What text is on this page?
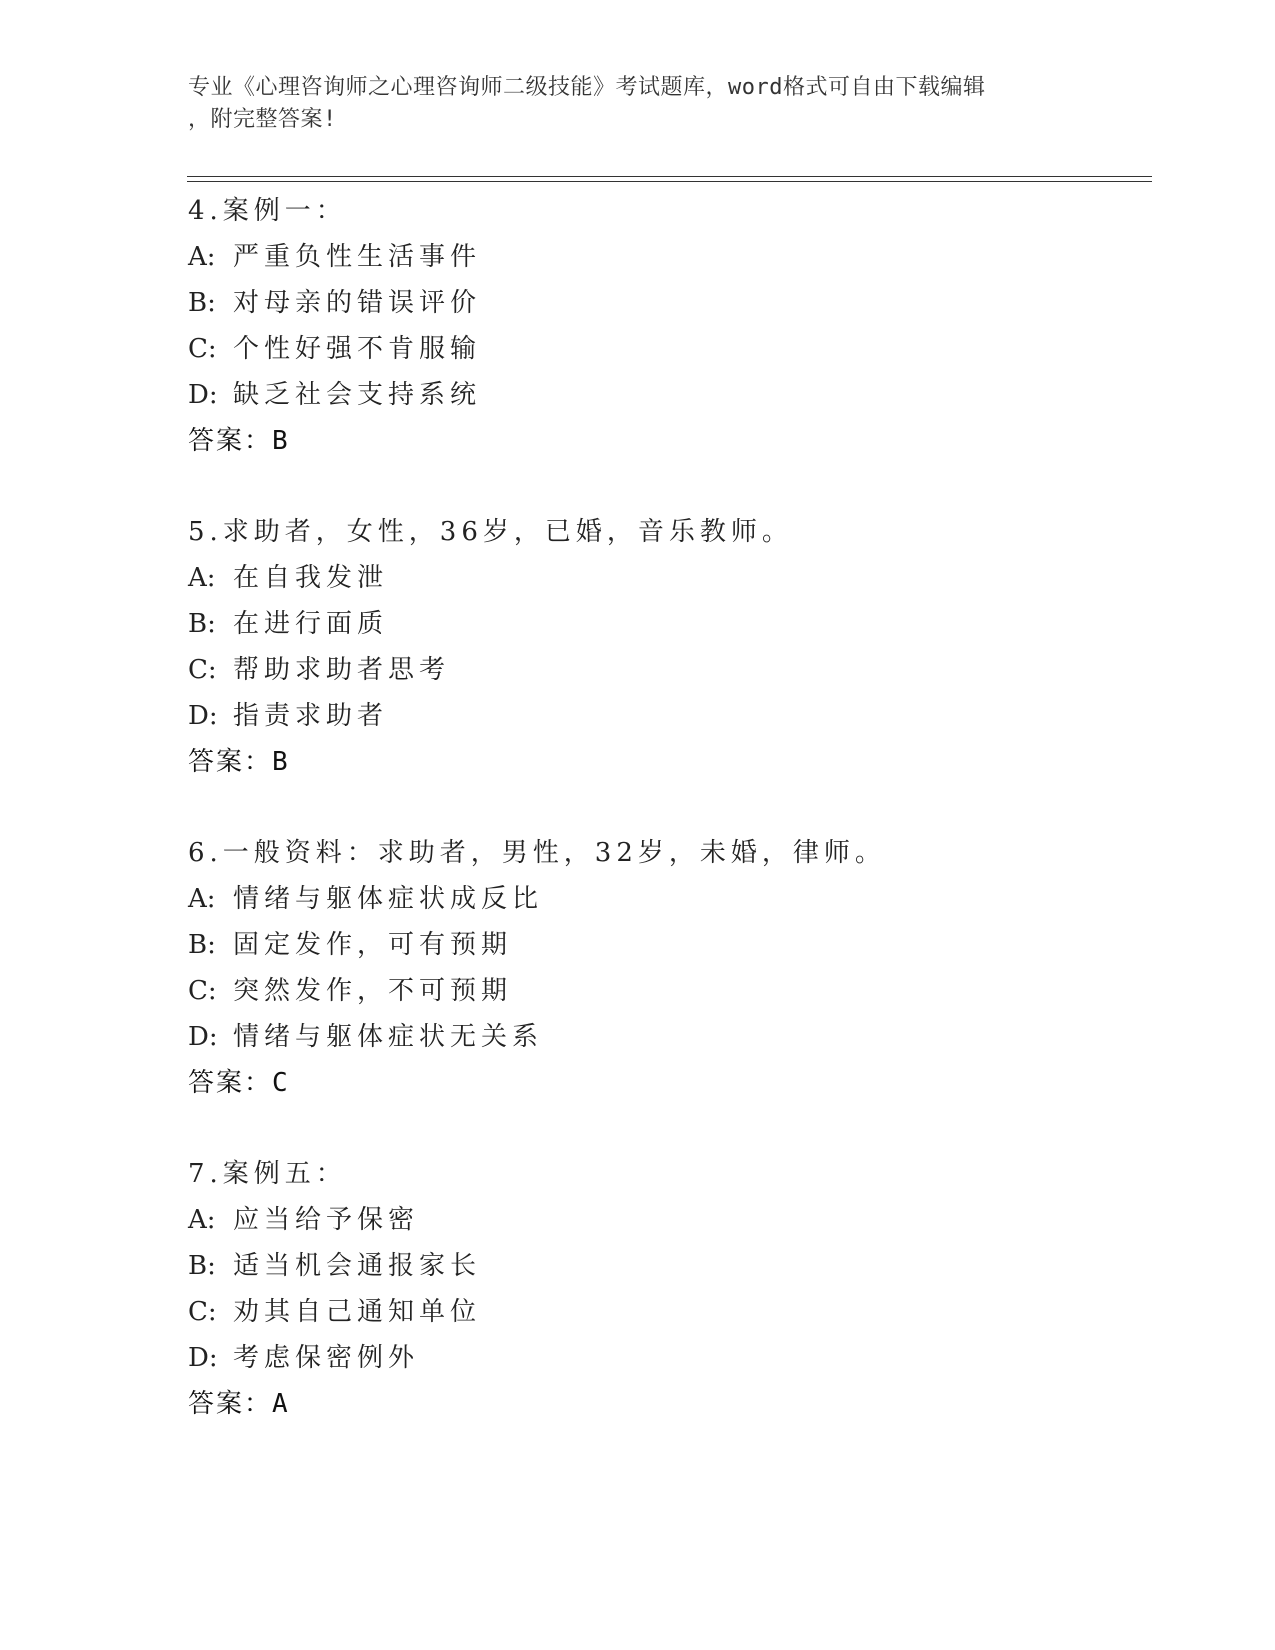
专业《心理咨询师之心理咨询师二级技能》考试题库，word格式可自由下载编辑
，附完整答案!
4.案例一：
A: 严重负性生活事件
B: 对母亲的错误评价
C: 个性好强不肯服输
D: 缺乏社会支持系统
答案：B
5.求助者，女性，36岁，已婚，音乐教师。
A: 在自我发泄
B: 在进行面质
C: 帮助求助者思考
D: 指责求助者
答案：B
6.一般资料：求助者，男性，32岁，未婚，律师。
A: 情绪与躯体症状成反比
B: 固定发作，可有预期
C: 突然发作，不可预期
D: 情绪与躯体症状无关系
答案：C
7.案例五：
A: 应当给予保密
B: 适当机会通报家长
C: 劝其自己通知单位
D: 考虑保密例外
答案：A
